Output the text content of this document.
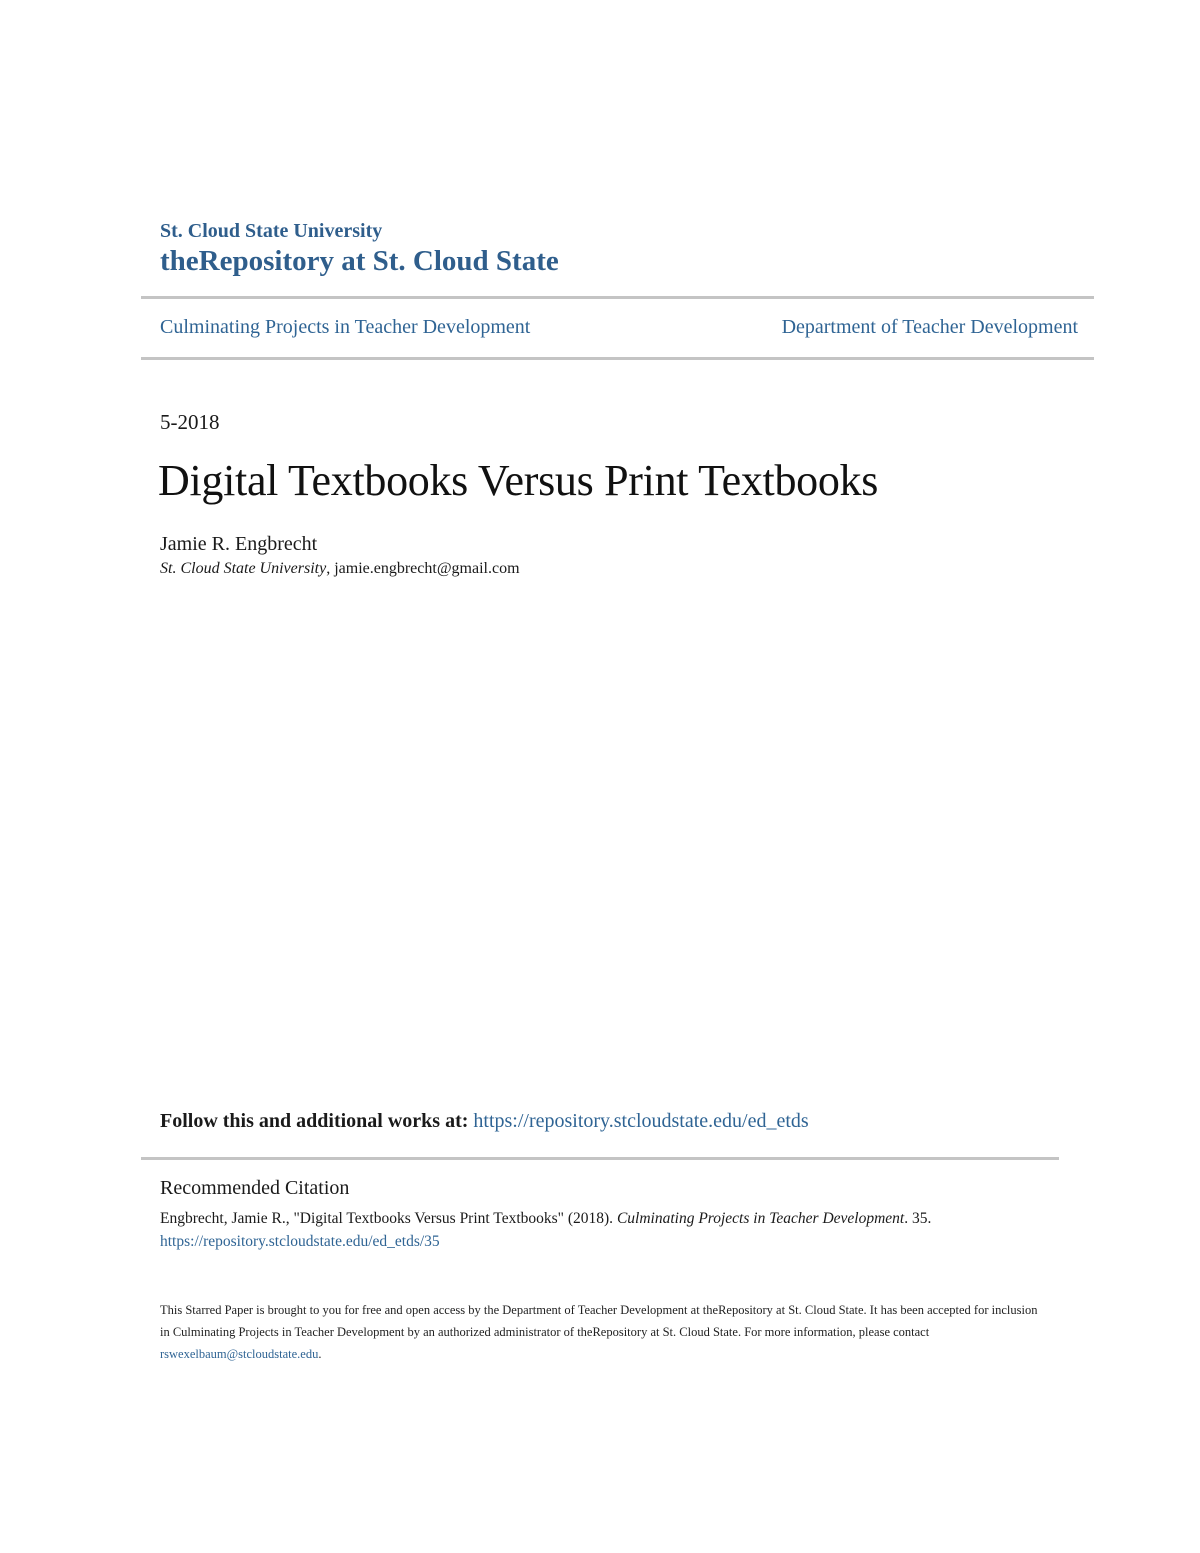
St. Cloud State University
theRepository at St. Cloud State
Culminating Projects in Teacher Development	Department of Teacher Development
5-2018
Digital Textbooks Versus Print Textbooks
Jamie R. Engbrecht
St. Cloud State University, jamie.engbrecht@gmail.com
Follow this and additional works at: https://repository.stcloudstate.edu/ed_etds
Recommended Citation
Engbrecht, Jamie R., "Digital Textbooks Versus Print Textbooks" (2018). Culminating Projects in Teacher Development. 35.
https://repository.stcloudstate.edu/ed_etds/35
This Starred Paper is brought to you for free and open access by the Department of Teacher Development at theRepository at St. Cloud State. It has been accepted for inclusion in Culminating Projects in Teacher Development by an authorized administrator of theRepository at St. Cloud State. For more information, please contact rswexelbaum@stcloudstate.edu.
